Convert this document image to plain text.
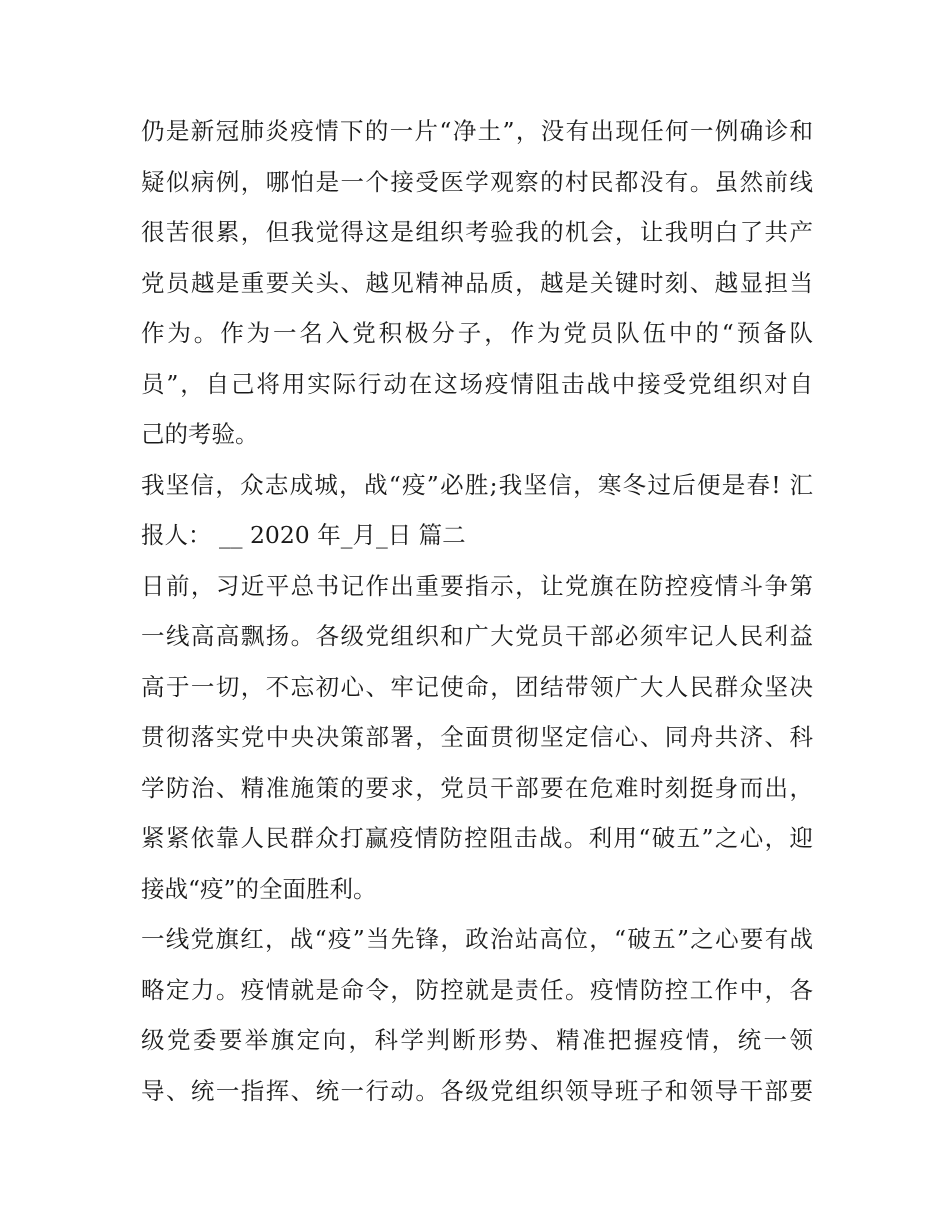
仍是新冠肺炎疫情下的一片“净土”，没有出现任何一例确诊和
疑似病例，哪怕是一个接受医学观察的村民都没有。虽然前线
很苦很累，但我觉得这是组织考验我的机会，让我明白了共产
党员越是重要关头、越见精神品质，越是关键时刻、越显担当
作为。作为一名入党积极分子，作为党员队伍中的“预备队
员”，自己将用实际行动在这场疫情阻击战中接受党组织对自
己的考验。
我坚信，众志成城，战“疫”必胜;我坚信，寒冬过后便是春! 汇
报人： __ 2020 年_月_日 篇二
日前，习近平总书记作出重要指示，让党旗在防控疫情斗争第
一线高高飘扬。各级党组织和广大党员干部必须牢记人民利益
高于一切，不忘初心、牢记使命，团结带领广大人民群众坚决
贯彻落实党中央决策部署，全面贯彻坚定信心、同舟共济、科
学防治、精准施策的要求，党员干部要在危难时刻挺身而出，
紧紧依靠人民群众打赢疫情防控阻击战。利用“破五”之心，迎
接战“疫”的全面胜利。
一线党旗红，战“疫”当先锋，政治站高位，“破五”之心要有战
略定力。疫情就是命令，防控就是责任。疫情防控工作中，各
级党委要举旗定向，科学判断形势、精准把握疫情，统一领
导、统一指挥、统一行动。各级党组织领导班子和领导干部要
